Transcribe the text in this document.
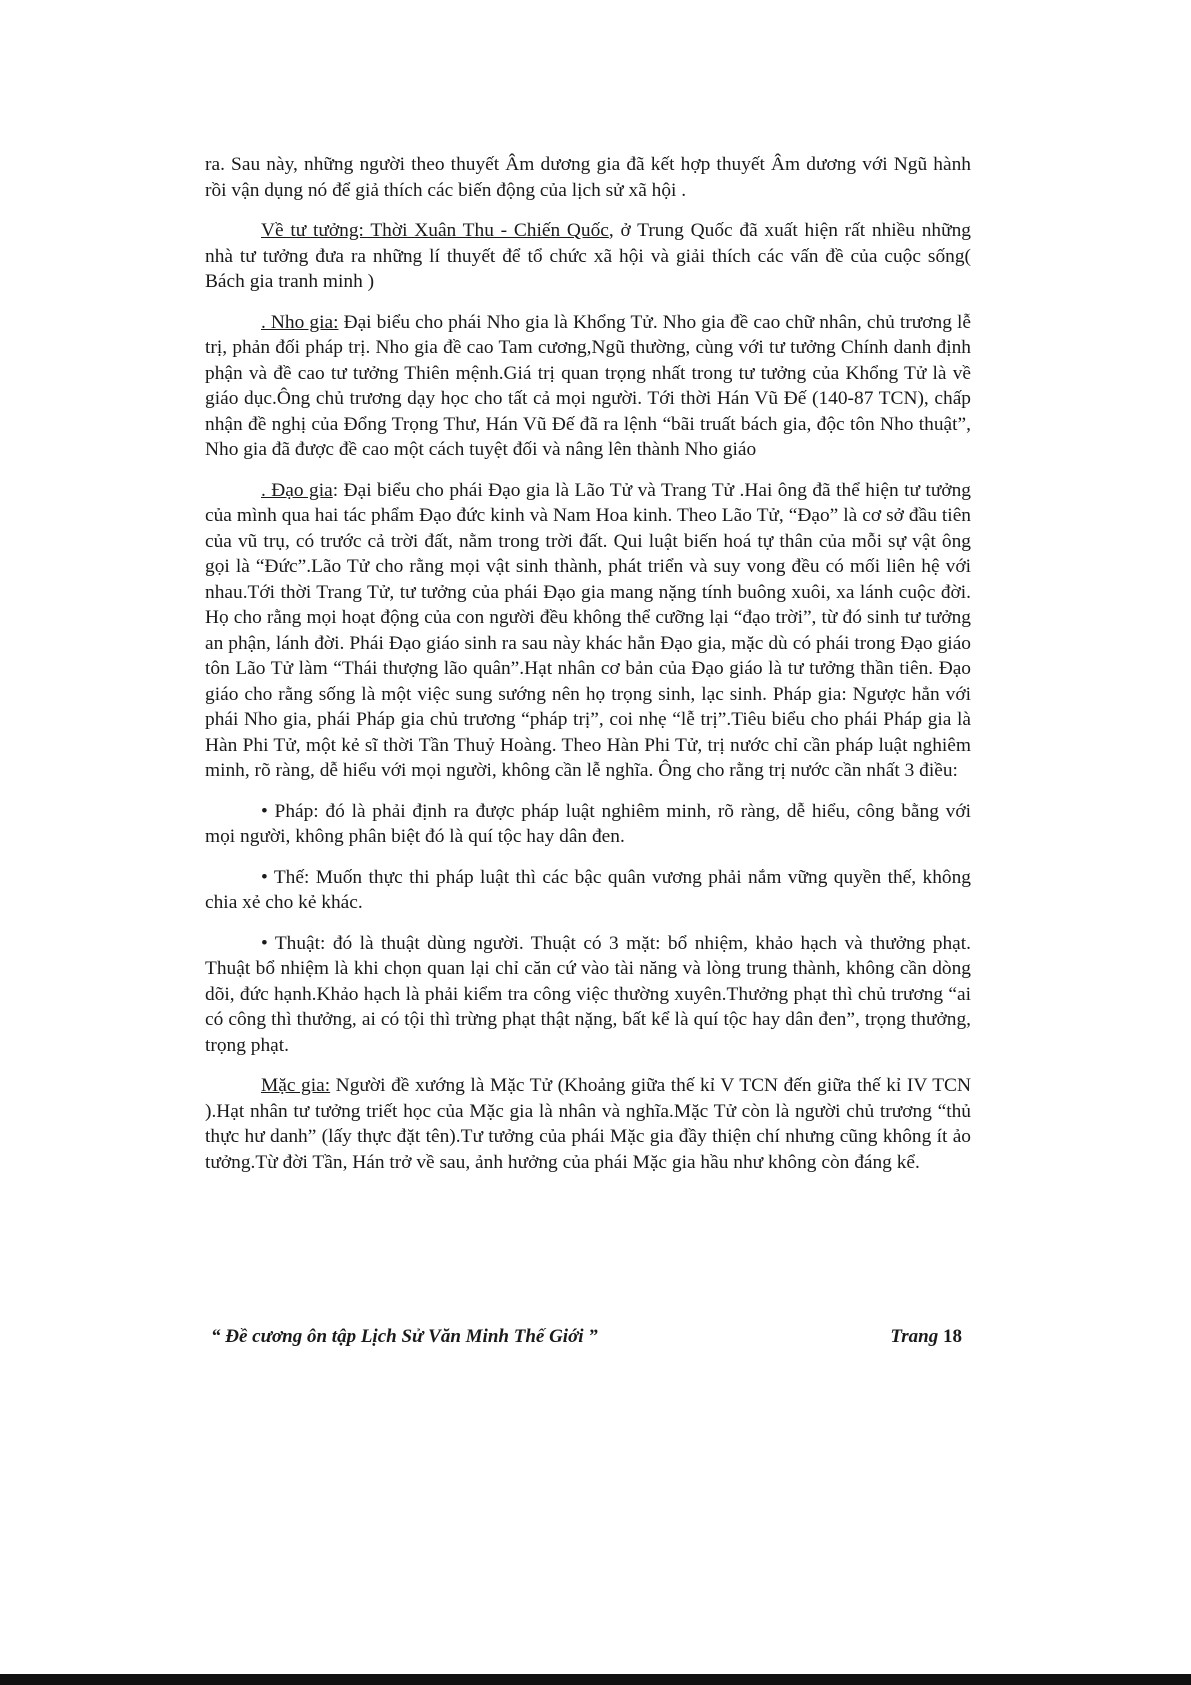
ra. Sau này, những người theo thuyết Âm dương gia đã kết hợp thuyết Âm dương với Ngũ hành rồi vận dụng nó để giả thích các biến động của lịch sử xã hội .

Về tư tưởng: Thời Xuân Thu - Chiến Quốc, ở Trung Quốc đã xuất hiện rất nhiều những nhà tư tưởng đưa ra những lí thuyết để tổ chức xã hội và giải thích các vấn đề của cuộc sống( Bách gia tranh minh )

. Nho gia: Đại biểu cho phái Nho gia là Khổng Tử. Nho gia đề cao chữ nhân, chủ trương lễ trị, phản đối pháp trị. Nho gia đề cao Tam cương,Ngũ thường, cùng với tư tưởng Chính danh định phận và đề cao tư tưởng Thiên mệnh.Giá trị quan trọng nhất trong tư tưởng của Khổng Tử là về giáo dục.Ông chủ trương dạy học cho tất cả mọi người. Tới thời Hán Vũ Đế (140-87 TCN), chấp nhận đề nghị của Đổng Trọng Thư, Hán Vũ Đế đã ra lệnh “bãi truất bách gia, độc tôn Nho thuật”, Nho gia đã được đề cao một cách tuyệt đối và nâng lên thành Nho giáo

. Đạo gia: Đại biểu cho phái Đạo gia là Lão Tử và Trang Tử .Hai ông đã thể hiện tư tưởng của mình qua hai tác phẩm Đạo đức kinh và Nam Hoa kinh. Theo Lão Tử, “Đạo” là cơ sở đầu tiên của vũ trụ, có trước cả trời đất, nằm trong trời đất. Qui luật biến hoá tự thân của mỗi sự vật ông gọi là “Đức”.Lão Tử cho rằng mọi vật sinh thành, phát triển và suy vong đều có mối liên hệ với nhau.Tới thời Trang Tử, tư tưởng của phái Đạo gia mang nặng tính buông xuôi, xa lánh cuộc đời. Họ cho rằng mọi hoạt động của con người đều không thể cưỡng lại “đạo trời”, từ đó sinh tư tưởng an phận, lánh đời. Phái Đạo giáo sinh ra sau này khác hẳn Đạo gia, mặc dù có phái trong Đạo giáo tôn Lão Tử làm “Thái thượng lão quân”.Hạt nhân cơ bản của Đạo giáo là tư tưởng thần tiên. Đạo giáo cho rằng sống là một việc sung sướng nên họ trọng sinh, lạc sinh. Pháp gia: Ngược hẳn với phái Nho gia, phái Pháp gia chủ trương “pháp trị”, coi nhẹ “lễ trị”.Tiêu biểu cho phái Pháp gia là Hàn Phi Tử, một kẻ sĩ thời Tần Thuỷ Hoàng. Theo Hàn Phi Tử, trị nước chỉ cần pháp luật nghiêm minh, rõ ràng, dễ hiểu với mọi người, không cần lễ nghĩa. Ông cho rằng trị nước cần nhất 3 điều:

• Pháp: đó là phải định ra được pháp luật nghiêm minh, rõ ràng, dễ hiểu, công bằng với mọi người, không phân biệt đó là quí tộc hay dân đen.

• Thế: Muốn thực thi pháp luật thì các bậc quân vương phải nắm vững quyền thế, không chia xẻ cho kẻ khác.

• Thuật: đó là thuật dùng người. Thuật có 3 mặt: bổ nhiệm, khảo hạch và thưởng phạt. Thuật bổ nhiệm là khi chọn quan lại chỉ căn cứ vào tài năng và lòng trung thành, không cần dòng dõi, đức hạnh.Khảo hạch là phải kiểm tra công việc thường xuyên.Thưởng phạt thì chủ trương “ai có công thì thưởng, ai có tội thì trừng phạt thật nặng, bất kể là quí tộc hay dân đen”, trọng thưởng, trọng phạt.

Mặc gia: Người đề xướng là Mặc Tử (Khoảng giữa thế kỉ V TCN đến giữa thế kỉ IV TCN ).Hạt nhân tư tưởng triết học của Mặc gia là nhân và nghĩa.Mặc Tử còn là người chủ trương “thủ thực hư danh” (lấy thực đặt tên).Tư tưởng của phái Mặc gia đầy thiện chí nhưng cũng không ít ảo tưởng.Từ đời Tần, Hán trở về sau, ảnh hưởng của phái Mặc gia hầu như không còn đáng kể.

“ Đề cương ôn tập Lịch Sử Văn Minh Thế Giới ”	Trang 18
